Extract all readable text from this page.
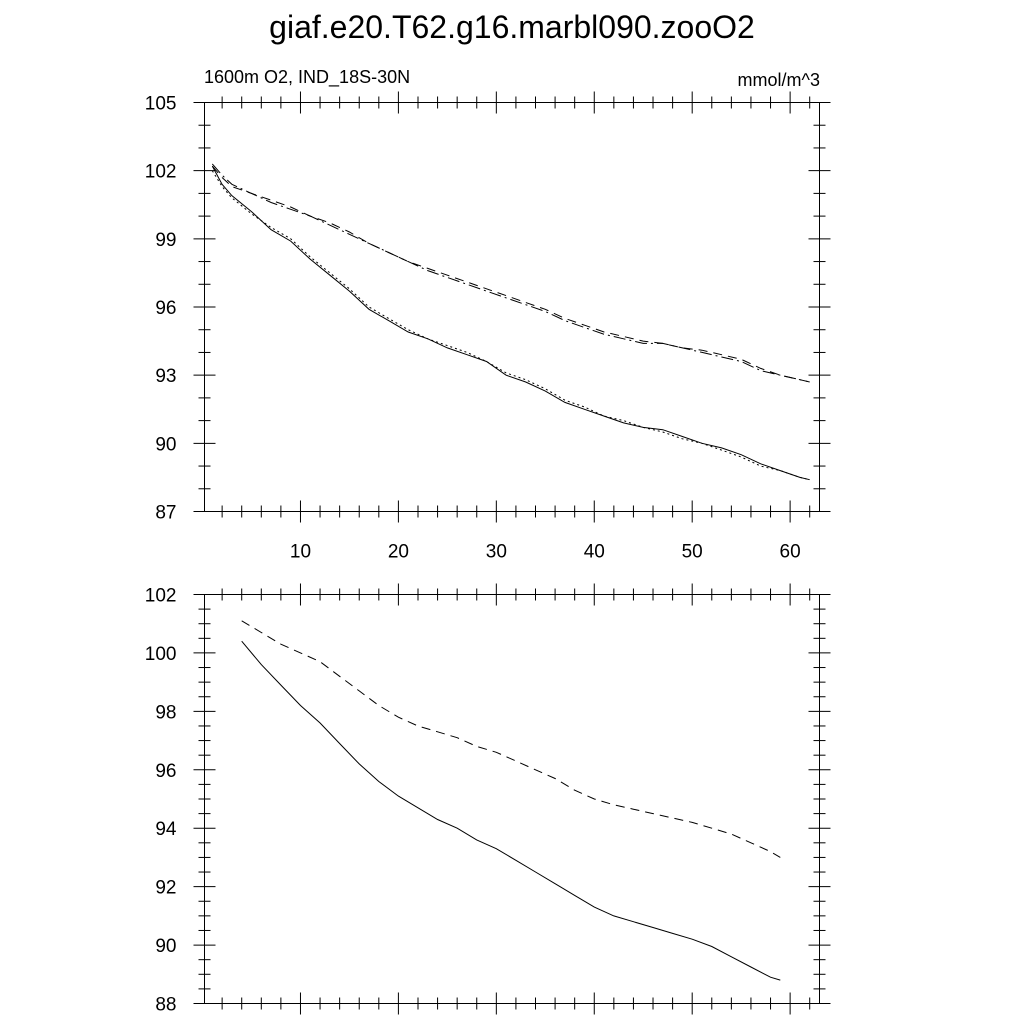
giaf.e20.T62.g16.marbl090.zooO2
1600m O2, IND_18S-30N	mmol/m^3
10	20	30	40	50	60
87
90
93
96
99
102
105
88
90
92
94
96
98
100
102
